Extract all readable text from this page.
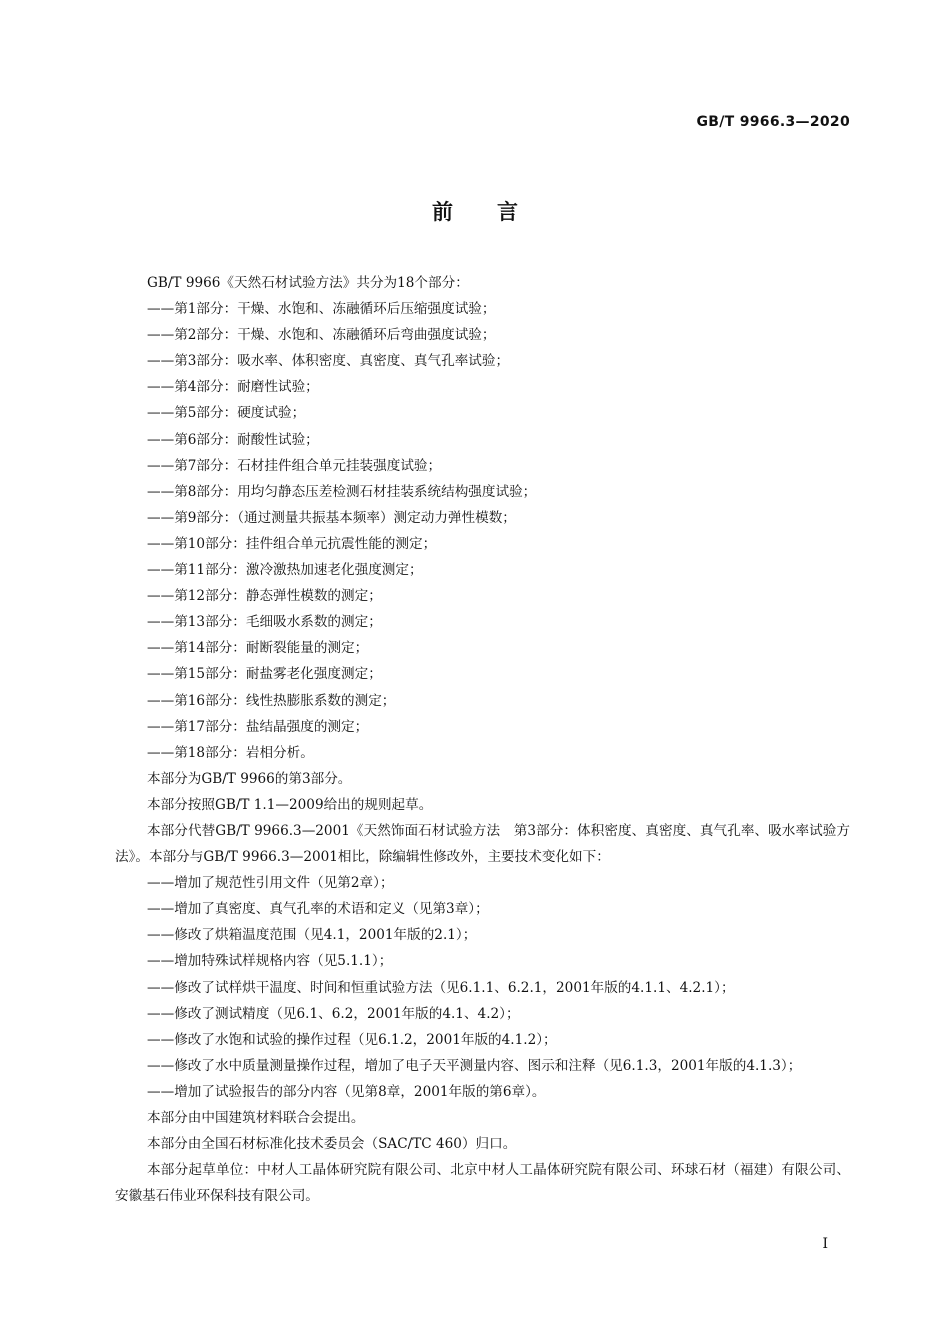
GB/T 9966.3—2020
前言

GB/T 9966《天然石材试验方法》共分为18个部分：

——第1部分：干燥、水饱和、冻融循环后压缩强度试验；

——第2部分：干燥、水饱和、冻融循环后弯曲强度试验；

——第3部分：吸水率、体积密度、真密度、真气孔率试验；

——第4部分：耐磨性试验；

——第5部分：硬度试验；

——第6部分：耐酸性试验；

——第7部分：石材挂件组合单元挂装强度试验；

——第8部分：用均匀静态压差检测石材挂装系统结构强度试验；

——第9部分：（通过测量共振基本频率）测定动力弹性模数；

——第10部分：挂件组合单元抗震性能的测定；

——第11部分：激冷激热加速老化强度测定；

——第12部分：静态弹性模数的测定；

——第13部分：毛细吸水系数的测定；

——第14部分：耐断裂能量的测定；

——第15部分：耐盐雾老化强度测定；

——第16部分：线性热膨胀系数的测定；

——第17部分：盐结晶强度的测定；

——第18部分：岩相分析。

本部分为GB/T 9966的第3部分。

本部分按照GB/T 1.1—2009给出的规则起草。

本部分代替GB/T 9966.3—2001《天然饰面石材试验方法　第3部分：体积密度、真密度、真气孔率、吸水率试验方法》。本部分与GB/T 9966.3—2001相比，除编辑性修改外，主要技术变化如下：

——增加了规范性引用文件（见第2章）；

——增加了真密度、真气孔率的术语和定义（见第3章）；

——修改了烘箱温度范围（见4.1，2001年版的2.1）；

——增加特殊试样规格内容（见5.1.1）；

——修改了试样烘干温度、时间和恒重试验方法（见6.1.1、6.2.1，2001年版的4.1.1、4.2.1）；

——修改了测试精度（见6.1、6.2，2001年版的4.1、4.2）；

——修改了水饱和试验的操作过程（见6.1.2，2001年版的4.1.2）；

——修改了水中质量测量操作过程，增加了电子天平测量内容、图示和注释（见6.1.3，2001年版的4.1.3）；

——增加了试验报告的部分内容（见第8章，2001年版的第6章）。

本部分由中国建筑材料联合会提出。

本部分由全国石材标准化技术委员会（SAC/TC 460）归口。

本部分起草单位：中材人工晶体研究院有限公司、北京中材人工晶体研究院有限公司、环球石材（福建）有限公司、安徽基石伟业环保科技有限公司。

I
